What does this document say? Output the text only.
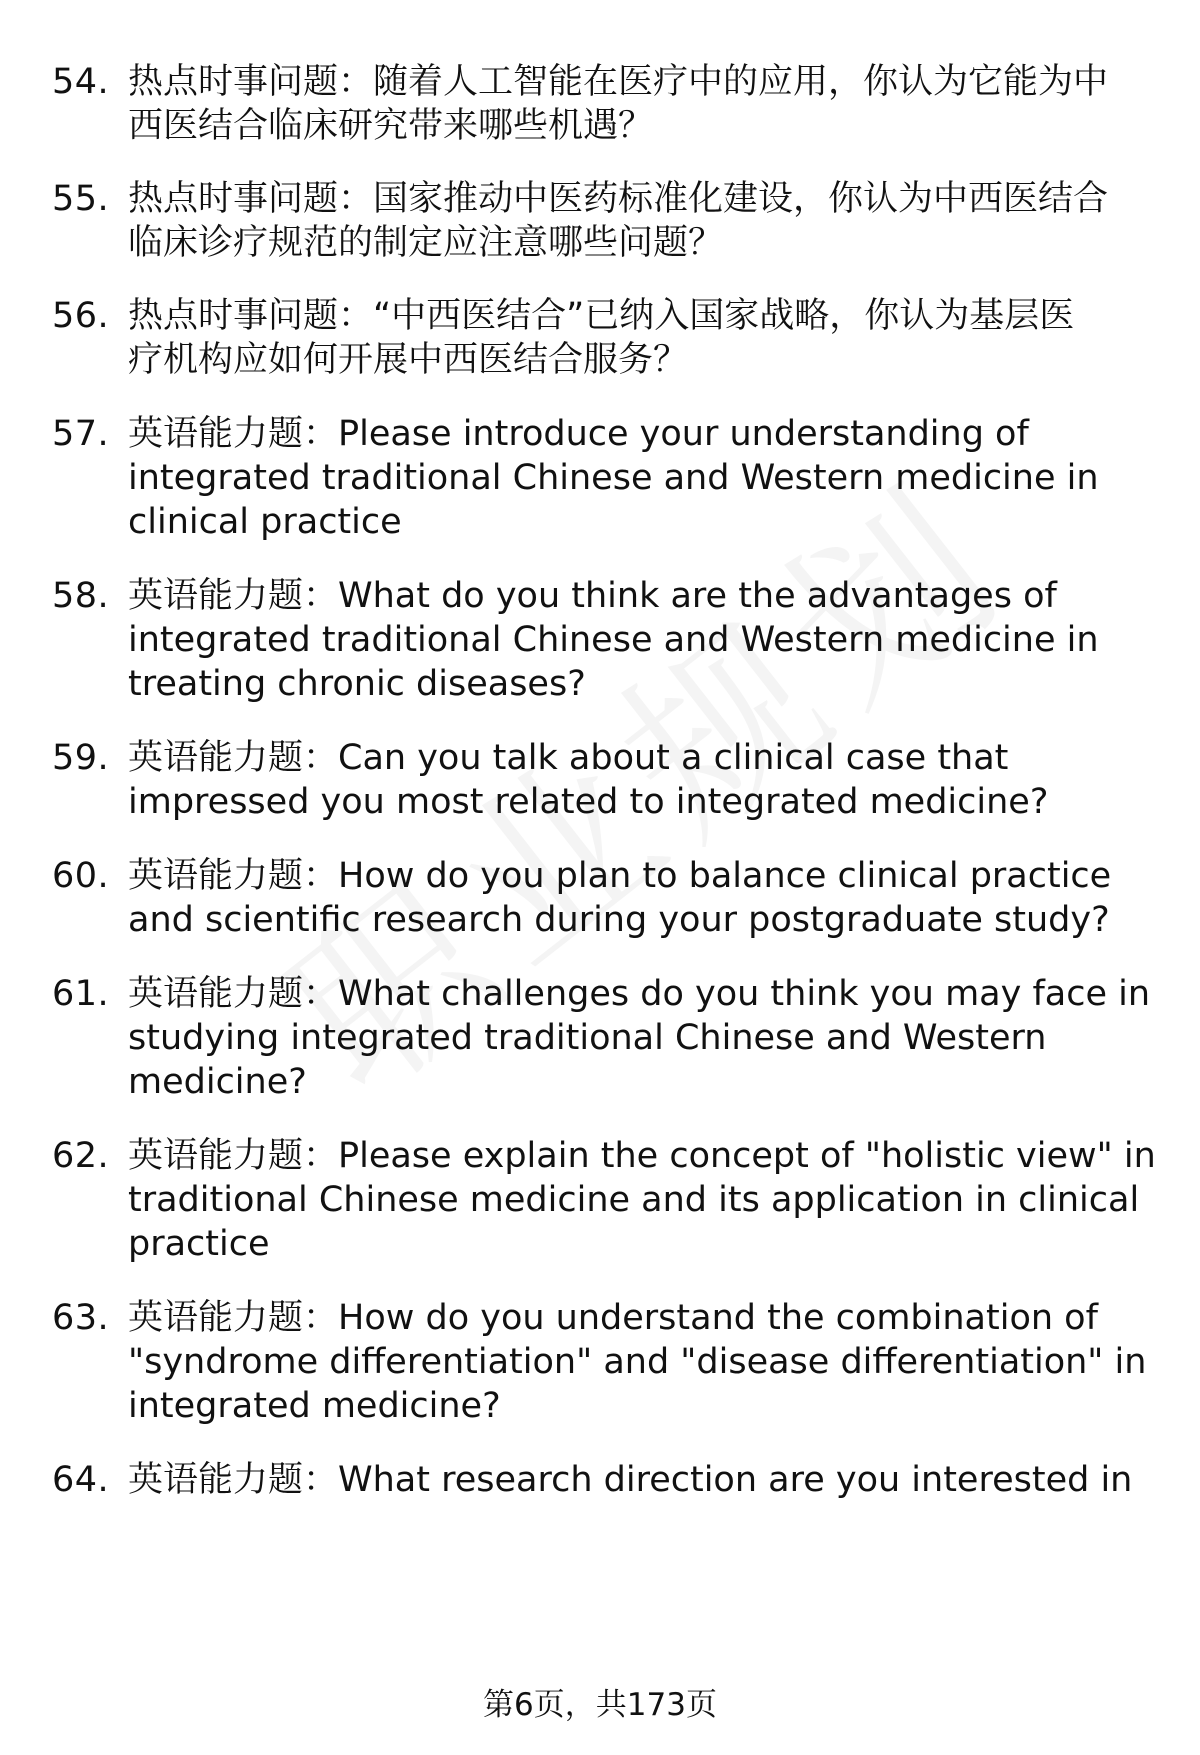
54. 热点时事问题：随着人工智能在医疗中的应用，你认为它能为中
西医结合临床研究带来哪些机遇？
55. 热点时事问题：国家推动中医药标准化建设，你认为中西医结合
临床诊疗规范的制定应注意哪些问题？
56. 热点时事问题：“中西医结合”已纳入国家战略，你认为基层医
疗机构应如何开展中西医结合服务？
57. 英语能力题：Please introduce your understanding of
integrated traditional Chinese and Western medicine in
clinical practice
58. 英语能力题：What do you think are the advantages of
integrated traditional Chinese and Western medicine in
treating chronic diseases?
59. 英语能力题：Can you talk about a clinical case that
impressed you most related to integrated medicine?
60. 英语能力题：How do you plan to balance clinical practice
and scientific research during your postgraduate study?
61. 英语能力题：What challenges do you think you may face in
studying integrated traditional Chinese and Western
medicine?
62. 英语能力题：Please explain the concept of "holistic view" in
traditional Chinese medicine and its application in clinical
practice
63. 英语能力题：How do you understand the combination of
"syndrome differentiation" and "disease differentiation" in
integrated medicine?
64. 英语能力题：What research direction are you interested in
第6页，共173页
